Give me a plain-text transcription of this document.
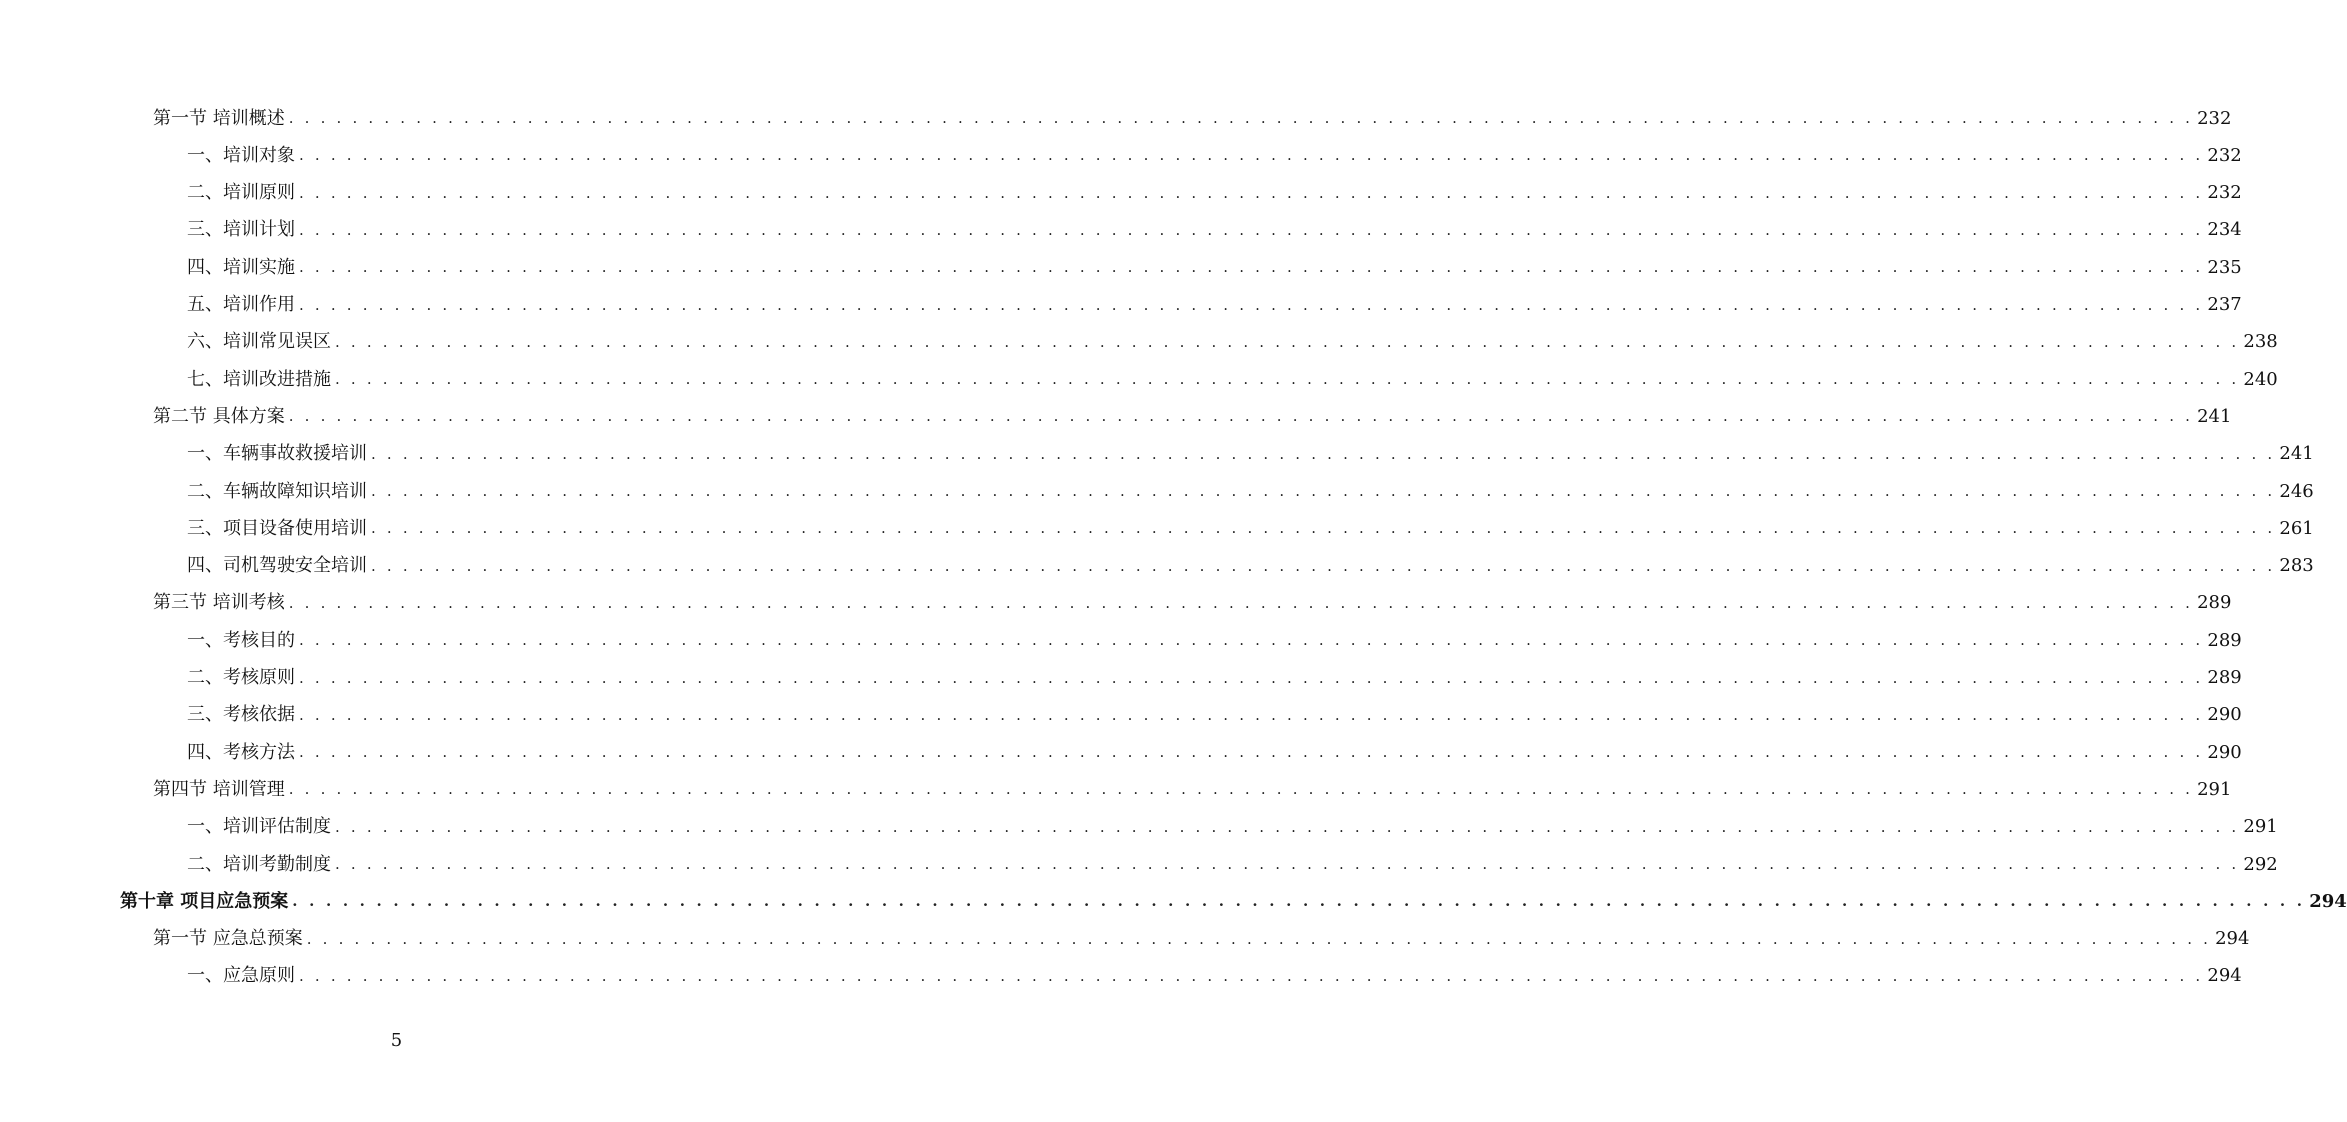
第一节 培训概述 . . . . . . . . . . . . . . . . . . . . . . . . . . . . . . . . . . . . . . . . . . . . . . . . . . . . . . . . . . . . . . . . . . . . . . . . . . . . . . . . . . . . . . . . . . . . . . . . . . . . . . . . . . . . . . . . . . . . . . . . 232
一、培训对象 . . . . . . . . . . . . . . . . . . . . . . . . . . . . . . . . . . . . . . . . . . . . . . . . . . . . . . . . . . . . . . . . . . . . . . . . . . . . . . . . . . . . . . . . . . . . . . . . . . . . . . . . . . . . . . . . . . . . . . . . 232
二、培训原则 . . . . . . . . . . . . . . . . . . . . . . . . . . . . . . . . . . . . . . . . . . . . . . . . . . . . . . . . . . . . . . . . . . . . . . . . . . . . . . . . . . . . . . . . . . . . . . . . . . . . . . . . . . . . . . . . . . . . . . . . 232
三、培训计划 . . . . . . . . . . . . . . . . . . . . . . . . . . . . . . . . . . . . . . . . . . . . . . . . . . . . . . . . . . . . . . . . . . . . . . . . . . . . . . . . . . . . . . . . . . . . . . . . . . . . . . . . . . . . . . . . . . . . . . . . 234
四、培训实施 . . . . . . . . . . . . . . . . . . . . . . . . . . . . . . . . . . . . . . . . . . . . . . . . . . . . . . . . . . . . . . . . . . . . . . . . . . . . . . . . . . . . . . . . . . . . . . . . . . . . . . . . . . . . . . . . . . . . . . . . 235
五、培训作用 . . . . . . . . . . . . . . . . . . . . . . . . . . . . . . . . . . . . . . . . . . . . . . . . . . . . . . . . . . . . . . . . . . . . . . . . . . . . . . . . . . . . . . . . . . . . . . . . . . . . . . . . . . . . . . . . . . . . . . . . 237
六、培训常见误区 . . . . . . . . . . . . . . . . . . . . . . . . . . . . . . . . . . . . . . . . . . . . . . . . . . . . . . . . . . . . . . . . . . . . . . . . . . . . . . . . . . . . . . . . . . . . . . . . . . . . . . . . . . . . . . . . . . . . . . . . 238
七、培训改进措施 . . . . . . . . . . . . . . . . . . . . . . . . . . . . . . . . . . . . . . . . . . . . . . . . . . . . . . . . . . . . . . . . . . . . . . . . . . . . . . . . . . . . . . . . . . . . . . . . . . . . . . . . . . . . . . . . . . . . . . . . 240
第二节 具体方案 . . . . . . . . . . . . . . . . . . . . . . . . . . . . . . . . . . . . . . . . . . . . . . . . . . . . . . . . . . . . . . . . . . . . . . . . . . . . . . . . . . . . . . . . . . . . . . . . . . . . . . . . . . . . . . . . . . . . . . . . 241
一、车辆事故救援培训 . . . . . . . . . . . . . . . . . . . . . . . . . . . . . . . . . . . . . . . . . . . . . . . . . . . . . . . . . . . . . . . . . . . . . . . . . . . . . . . . . . . . . . . . . . . . . . . . . . . . . . . . . . . . . . . . . . . . . . . . 241
二、车辆故障知识培训 . . . . . . . . . . . . . . . . . . . . . . . . . . . . . . . . . . . . . . . . . . . . . . . . . . . . . . . . . . . . . . . . . . . . . . . . . . . . . . . . . . . . . . . . . . . . . . . . . . . . . . . . . . . . . . . . . . . . . . . . 246
三、项目设备使用培训 . . . . . . . . . . . . . . . . . . . . . . . . . . . . . . . . . . . . . . . . . . . . . . . . . . . . . . . . . . . . . . . . . . . . . . . . . . . . . . . . . . . . . . . . . . . . . . . . . . . . . . . . . . . . . . . . . . . . . . . . 261
四、司机驾驶安全培训 . . . . . . . . . . . . . . . . . . . . . . . . . . . . . . . . . . . . . . . . . . . . . . . . . . . . . . . . . . . . . . . . . . . . . . . . . . . . . . . . . . . . . . . . . . . . . . . . . . . . . . . . . . . . . . . . . . . . . . . . 283
第三节 培训考核 . . . . . . . . . . . . . . . . . . . . . . . . . . . . . . . . . . . . . . . . . . . . . . . . . . . . . . . . . . . . . . . . . . . . . . . . . . . . . . . . . . . . . . . . . . . . . . . . . . . . . . . . . . . . . . . . . . . . . . . . 289
一、考核目的 . . . . . . . . . . . . . . . . . . . . . . . . . . . . . . . . . . . . . . . . . . . . . . . . . . . . . . . . . . . . . . . . . . . . . . . . . . . . . . . . . . . . . . . . . . . . . . . . . . . . . . . . . . . . . . . . . . . . . . . . 289
二、考核原则 . . . . . . . . . . . . . . . . . . . . . . . . . . . . . . . . . . . . . . . . . . . . . . . . . . . . . . . . . . . . . . . . . . . . . . . . . . . . . . . . . . . . . . . . . . . . . . . . . . . . . . . . . . . . . . . . . . . . . . . . 289
三、考核依据 . . . . . . . . . . . . . . . . . . . . . . . . . . . . . . . . . . . . . . . . . . . . . . . . . . . . . . . . . . . . . . . . . . . . . . . . . . . . . . . . . . . . . . . . . . . . . . . . . . . . . . . . . . . . . . . . . . . . . . . . 290
四、考核方法 . . . . . . . . . . . . . . . . . . . . . . . . . . . . . . . . . . . . . . . . . . . . . . . . . . . . . . . . . . . . . . . . . . . . . . . . . . . . . . . . . . . . . . . . . . . . . . . . . . . . . . . . . . . . . . . . . . . . . . . . 290
第四节 培训管理 . . . . . . . . . . . . . . . . . . . . . . . . . . . . . . . . . . . . . . . . . . . . . . . . . . . . . . . . . . . . . . . . . . . . . . . . . . . . . . . . . . . . . . . . . . . . . . . . . . . . . . . . . . . . . . . . . . . . . . . . 291
一、培训评估制度 . . . . . . . . . . . . . . . . . . . . . . . . . . . . . . . . . . . . . . . . . . . . . . . . . . . . . . . . . . . . . . . . . . . . . . . . . . . . . . . . . . . . . . . . . . . . . . . . . . . . . . . . . . . . . . . . . . . . . . . . 291
二、培训考勤制度 . . . . . . . . . . . . . . . . . . . . . . . . . . . . . . . . . . . . . . . . . . . . . . . . . . . . . . . . . . . . . . . . . . . . . . . . . . . . . . . . . . . . . . . . . . . . . . . . . . . . . . . . . . . . . . . . . . . . . . . . 292
第十章 项目应急预案 . . . . . . . . . . . . . . . . . . . . . . . . . . . . . . . . . . . . . . . . . . . . . . . . . . . . . . . . . . . . . . . . . . . . . . . . . . . . . . . . . . . . . . . . . . . . . . . . . . . . . . . . . . . . . . . . . . . . . . . . 294
第一节 应急总预案 . . . . . . . . . . . . . . . . . . . . . . . . . . . . . . . . . . . . . . . . . . . . . . . . . . . . . . . . . . . . . . . . . . . . . . . . . . . . . . . . . . . . . . . . . . . . . . . . . . . . . . . . . . . . . . . . . . . . . . . . 294
一、应急原则 . . . . . . . . . . . . . . . . . . . . . . . . . . . . . . . . . . . . . . . . . . . . . . . . . . . . . . . . . . . . . . . . . . . . . . . . . . . . . . . . . . . . . . . . . . . . . . . . . . . . . . . . . . . . . . . . . . . . . . . . 294
5
